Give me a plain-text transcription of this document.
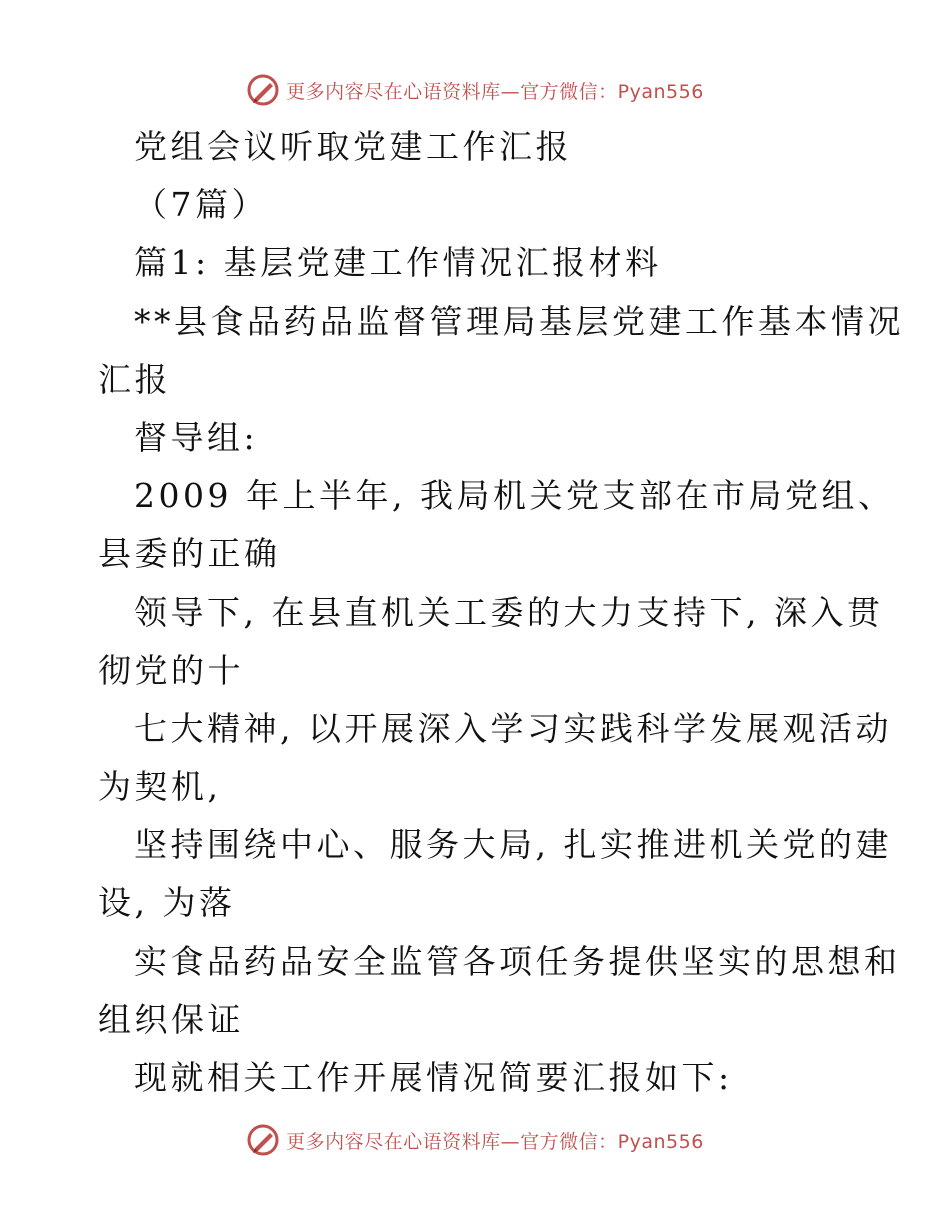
更多内容尽在心语资料库—官方微信：Pyan556
党组会议听取党建工作汇报
（7篇）
篇1: 基层党建工作情况汇报材料
**县食品药品监督管理局基层党建工作基本情况
汇报
督导组:
2009 年上半年, 我局机关党支部在市局党组、
县委的正确
领导下, 在县直机关工委的大力支持下, 深入贯
彻党的十
七大精神, 以开展深入学习实践科学发展观活动
为契机,
坚持围绕中心、服务大局, 扎实推进机关党的建
设, 为落
实食品药品安全监管各项任务提供坚实的思想和
组织保证
现就相关工作开展情况简要汇报如下:
更多内容尽在心语资料库—官方微信：Pyan556
